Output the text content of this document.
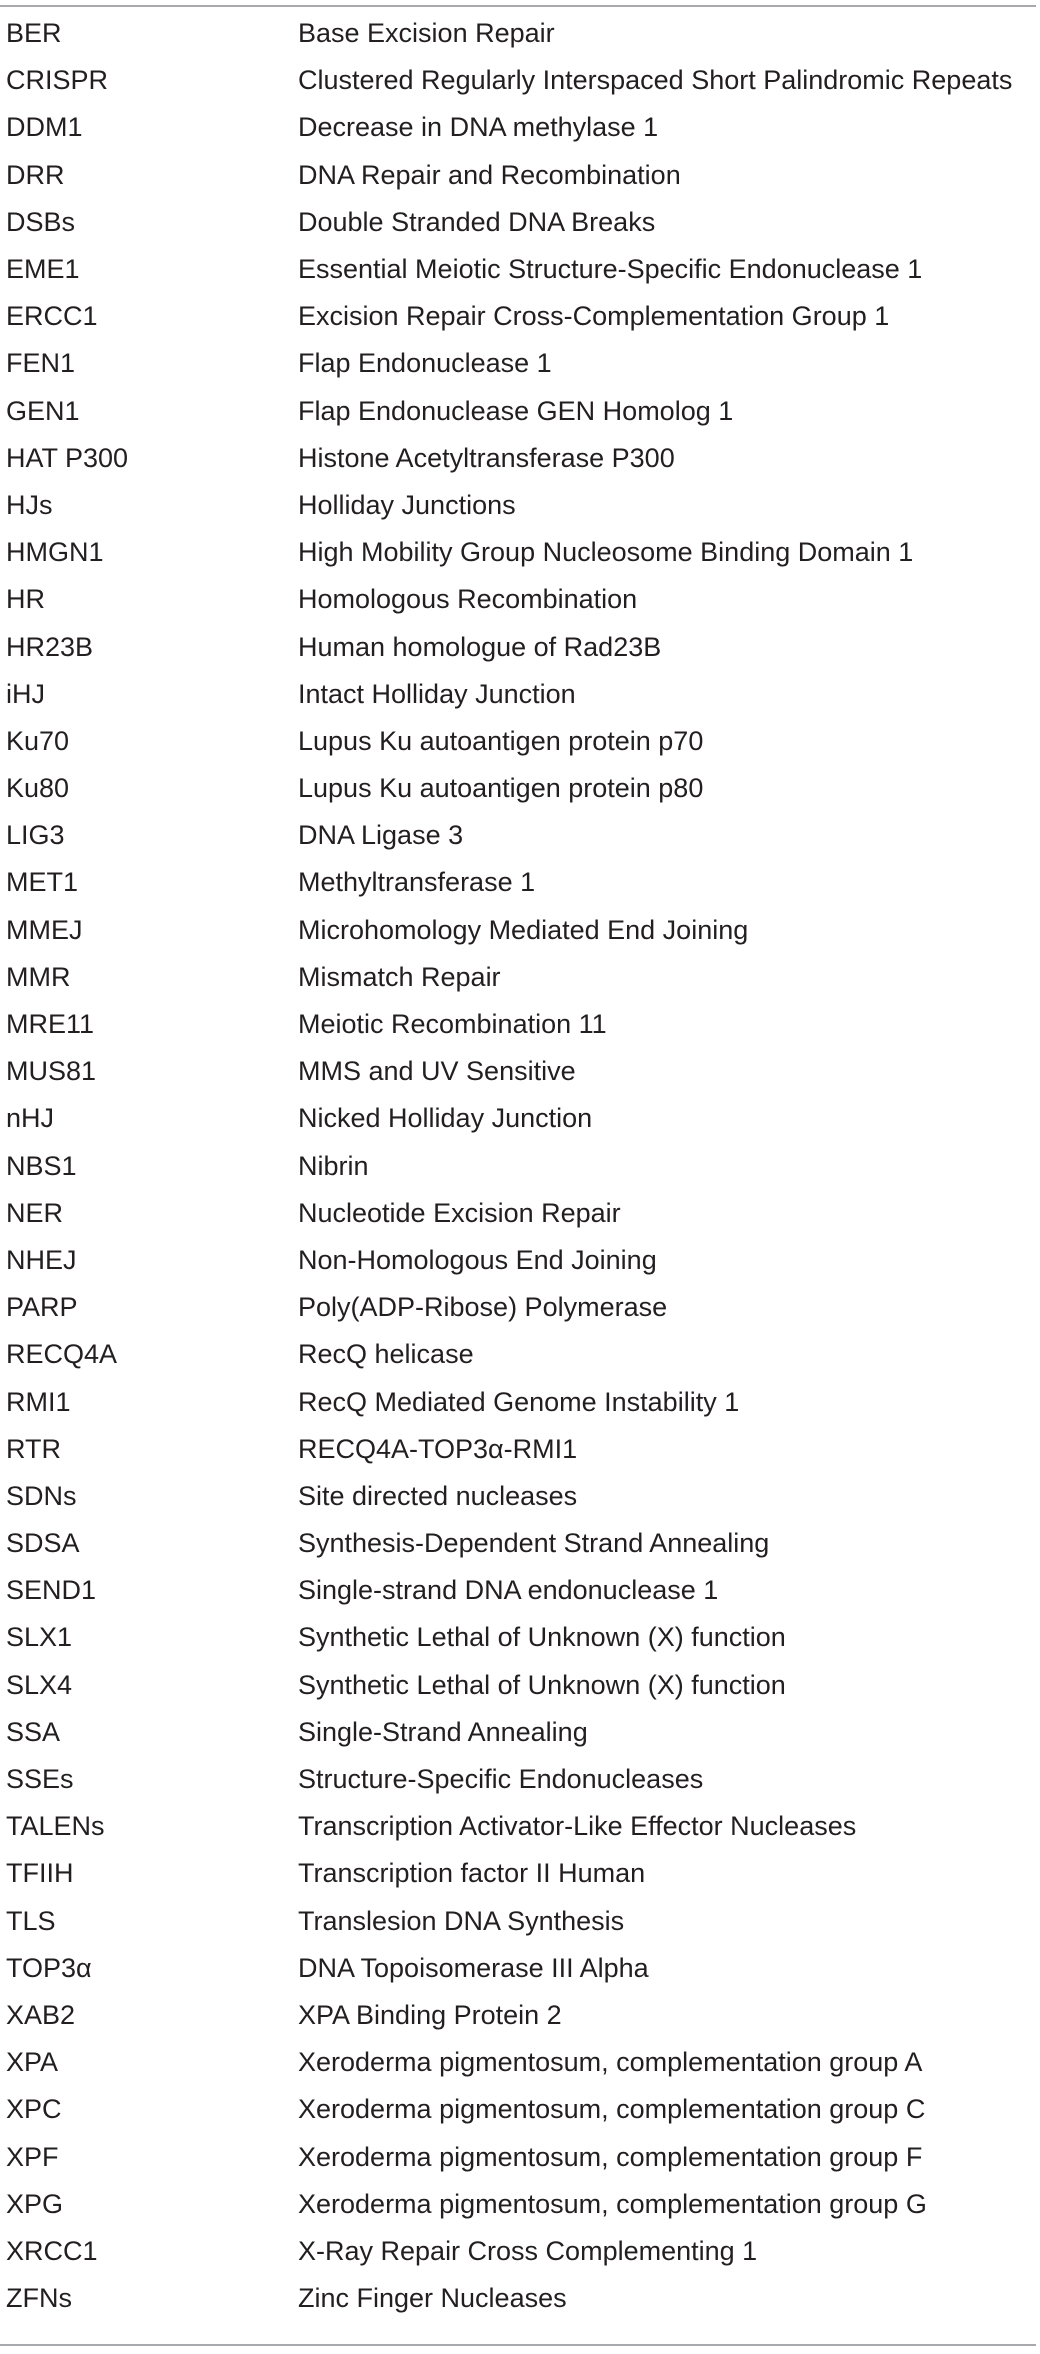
BER	Base Excision Repair
CRISPR	Clustered Regularly Interspaced Short Palindromic Repeats
DDM1	Decrease in DNA methylase 1
DRR	DNA Repair and Recombination
DSBs	Double Stranded DNA Breaks
EME1	Essential Meiotic Structure-Specific Endonuclease 1
ERCC1	Excision Repair Cross-Complementation Group 1
FEN1	Flap Endonuclease 1
GEN1	Flap Endonuclease GEN Homolog 1
HAT P300	Histone Acetyltransferase P300
HJs	Holliday Junctions
HMGN1	High Mobility Group Nucleosome Binding Domain 1
HR	Homologous Recombination
HR23B	Human homologue of Rad23B
iHJ	Intact Holliday Junction
Ku70	Lupus Ku autoantigen protein p70
Ku80	Lupus Ku autoantigen protein p80
LIG3	DNA Ligase 3
MET1	Methyltransferase 1
MMEJ	Microhomology Mediated End Joining
MMR	Mismatch Repair
MRE11	Meiotic Recombination 11
MUS81	MMS and UV Sensitive
nHJ	Nicked Holliday Junction
NBS1	Nibrin
NER	Nucleotide Excision Repair
NHEJ	Non-Homologous End Joining
PARP	Poly(ADP-Ribose) Polymerase
RECQ4A	RecQ helicase
RMI1	RecQ Mediated Genome Instability 1
RTR	RECQ4A-TOP3α-RMI1
SDNs	Site directed nucleases
SDSA	Synthesis-Dependent Strand Annealing
SEND1	Single-strand DNA endonuclease 1
SLX1	Synthetic Lethal of Unknown (X) function
SLX4	Synthetic Lethal of Unknown (X) function
SSA	Single-Strand Annealing
SSEs	Structure-Specific Endonucleases
TALENs	Transcription Activator-Like Effector Nucleases
TFIIH	Transcription factor II Human
TLS	Translesion DNA Synthesis
TOP3α	DNA Topoisomerase III Alpha
XAB2	XPA Binding Protein 2
XPA	Xeroderma pigmentosum, complementation group A
XPC	Xeroderma pigmentosum, complementation group C
XPF	Xeroderma pigmentosum, complementation group F
XPG	Xeroderma pigmentosum, complementation group G
XRCC1	X-Ray Repair Cross Complementing 1
ZFNs	Zinc Finger Nucleases
